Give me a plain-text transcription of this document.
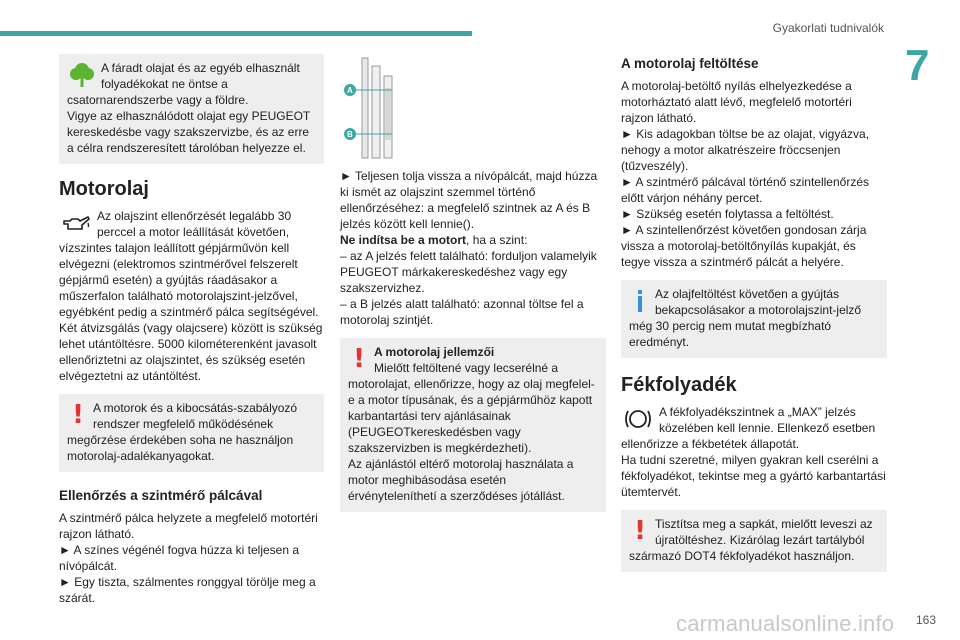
Gyakorlati tudnivalók
7

A fáradt olajat és az egyéb elhasznált

folyadékokat ne öntse a

csatornarendszerbe vagy a földre.
Vigye az elhasználódott olajat egy PEUGEOT kereskedésbe vagy szakszervizbe, és az erre a célra rendszeresített tárolóban helyezze el.

Motorolaj

Az olajszint ellenőrzését legalább 30 perccel a motor leállítását követően, vízszintes talajon leállított gépjárművön kell elvégezni (elektromos szintmérővel felszerelt gépjármű esetén) a gyújtás ráadásakor a műszerfalon található motorolajszint-jelzővel, egyébként pedig a szintmérő pálca segítségével.
Két átvizsgálás (vagy olajcsere) között is szükség lehet utántöltésre. 5000 kilométerenként javasolt ellenőriztetni az olajszintet, és szükség esetén elvégeztetni az utántöltést.

! A motorok és a kibocsátás-szabályozó rendszer megfelelő működésének megőrzése érdekében soha ne használjon motorolaj-adalékanyagokat.

Ellenőrzés a szintmérő pálcával

A szintmérő pálca helyzete a megfelelő motortéri rajzon látható.
► A színes végénél fogva húzza ki teljesen a nívópálcát.
► Egy tiszta, szálmentes ronggyal törölje meg a szárát.

A
B

► Teljesen tolja vissza a nívópálcát, majd húzza ki ismét az olajszint szemmel történő ellenőrzéséhez: a megfelelő szintnek az A és B jelzés között kell lennie().

Ne indítsa be a motort, ha a szint:

– az A jelzés felett található: forduljon valamelyik PEUGEOT márkakereskedéshez vagy egy szakszervizhez.

– a B jelzés alatt található: azonnal töltse fel a motorolaj szintjét.

! A motorolaj jellemzői

Mielőtt feltöltené vagy lecserélné a motorolajat, ellenőrizze, hogy az olaj megfelel-e a motor típusának, és a gépjárműhöz kapott karbantartási terv ajánlásainak (PEUGEOTkereskedésben vagy szakszervizben is megkérdezheti).
Az ajánlástól eltérő motorolaj használata a motor meghibásodása esetén érvényteleníthetí a szerződéses jótállást.

A motorolaj feltöltése

A motorolaj-betöltő nyílás elhelyezkedése a motorháztató alatt lévő, megfelelő motortéri rajzon látható.
► Kis adagokban töltse be az olajat, vigyázva, nehogy a motor alkatrészeire fröccsenjen (tűzveszély).
► A szintmérő pálcával történő szintellenőrzés előtt várjon néhány percet.
► Szükség esetén folytassa a feltöltést.
► A szintellenőrzést követően gondosan zárja vissza a motorolaj-betöltőnyílás kupakját, és tegye vissza a szintmérő pálcát a helyére.

Az olajfeltöltést követően a gyújtás bekapcsolásakor a motorolajszint-jelző még 30 percig nem mutat megbízható eredményt.

Fékfolyadék

A fékfolyadékszintnek a „MAX” jelzés közelében kell lennie. Ellenkező esetben ellenőrizze a fékbetétek állapotát.
Ha tudni szeretné, milyen gyakran kell cserélni a fékfolyadékot, tekintse meg a gyártó karbantartási ütemtervét.

! Tisztítsa meg a sapkát, mielőtt leveszi az újratöltéshez. Kizárólag lezárt tartályból származó DOT4 fékfolyadékot használjon.

carmanualsonline.info 163
